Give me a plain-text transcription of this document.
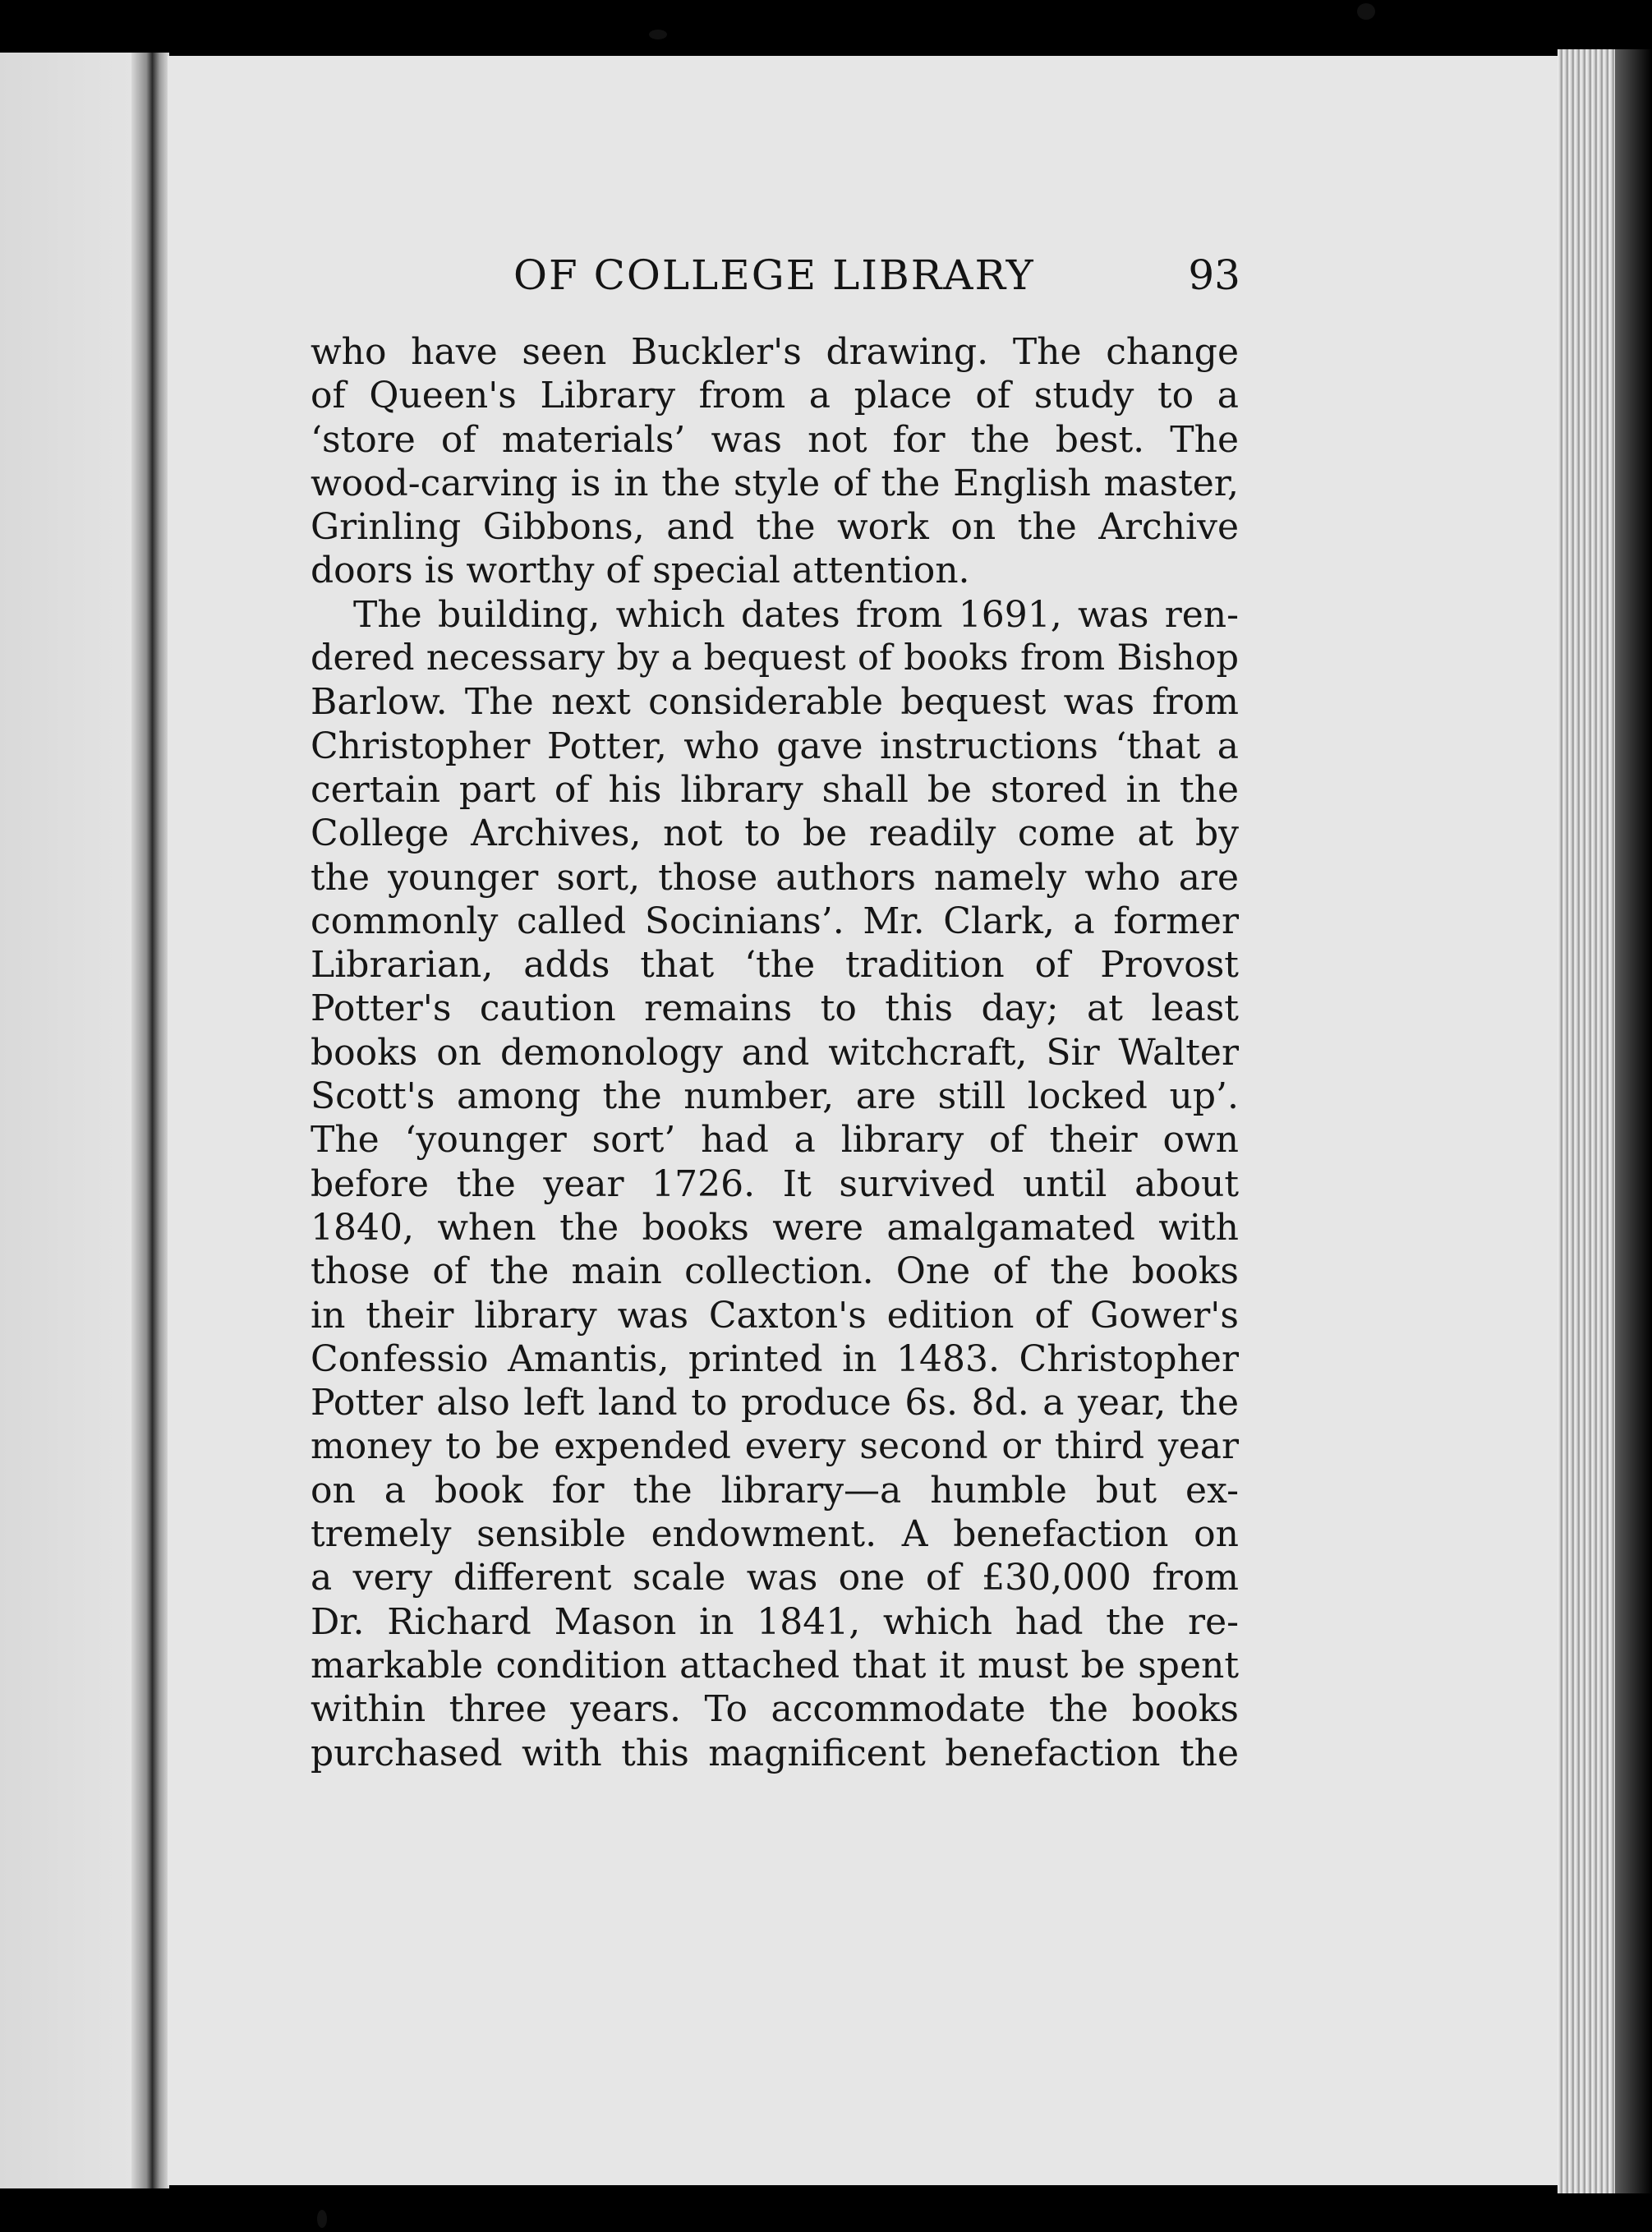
OF COLLEGE LIBRARY	93
who have seen Buckler's drawing. The change
of Queen's Library from a place of study to a
‘store of materials’ was not for the best. The
wood-carving is in the style of the English master,
Grinling Gibbons, and the work on the Archive
doors is worthy of special attention.
The building, which dates from 1691, was ren-
dered necessary by a bequest of books from Bishop
Barlow. The next considerable bequest was from
Christopher Potter, who gave instructions ‘that a
certain part of his library shall be stored in the
College Archives, not to be readily come at by
the younger sort, those authors namely who are
commonly called Socinians’. Mr. Clark, a former
Librarian, adds that ‘the tradition of Provost
Potter's caution remains to this day; at least
books on demonology and witchcraft, Sir Walter
Scott's among the number, are still locked up’.
The ‘younger sort’ had a library of their own
before the year 1726. It survived until about
1840, when the books were amalgamated with
those of the main collection. One of the books
in their library was Caxton's edition of Gower's
Confessio Amantis, printed in 1483. Christopher
Potter also left land to produce 6s. 8d. a year, the
money to be expended every second or third year
on a book for the library—a humble but ex-
tremely sensible endowment. A benefaction on
a very different scale was one of £30,000 from
Dr. Richard Mason in 1841, which had the re-
markable condition attached that it must be spent
within three years. To accommodate the books
purchased with this magnificent benefaction the
